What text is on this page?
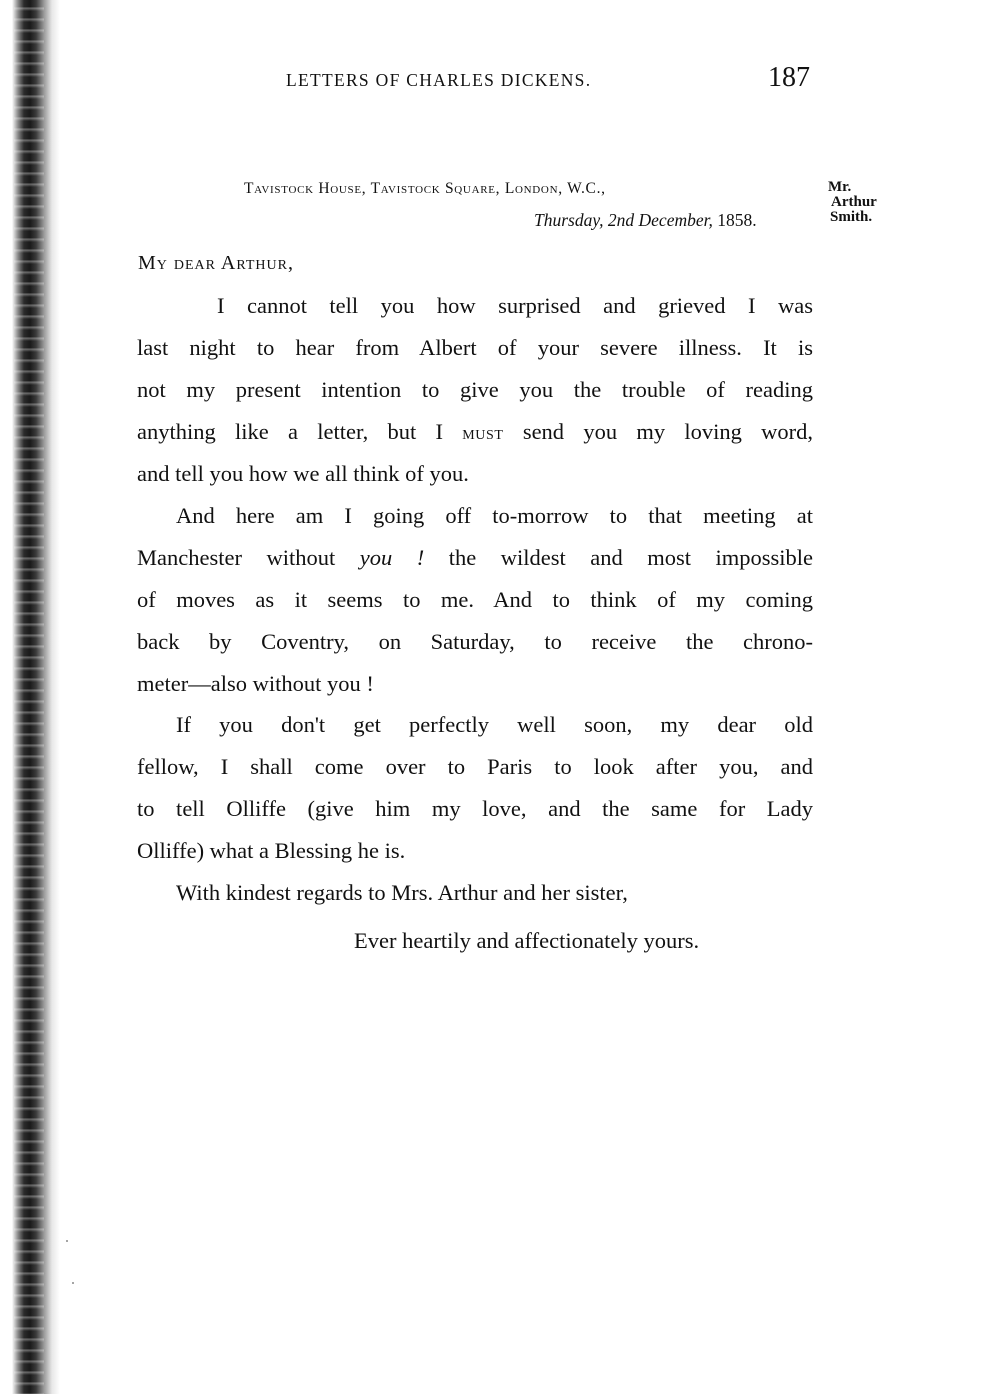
LETTERS OF CHARLES DICKENS.	187
Tavistock House, Tavistock Square, London, W.C.,
Thursday, 2nd December, 1858.
Mr.
Arthur
Smith.
My dear Arthur,
I cannot tell you how surprised and grieved I was
last night to hear from Albert of your severe illness. It is
not my present intention to give you the trouble of reading
anything like a letter, but I must send you my loving word,
and tell you how we all think of you.
And here am I going off to-morrow to that meeting at
Manchester without you ! the wildest and most impossible
of moves as it seems to me. And to think of my coming
back by Coventry, on Saturday, to receive the chrono-
meter—also without you !
If you don't get perfectly well soon, my dear old
fellow, I shall come over to Paris to look after you, and
to tell Olliffe (give him my love, and the same for Lady
Olliffe) what a Blessing he is.
With kindest regards to Mrs. Arthur and her sister,
Ever heartily and affectionately yours.
